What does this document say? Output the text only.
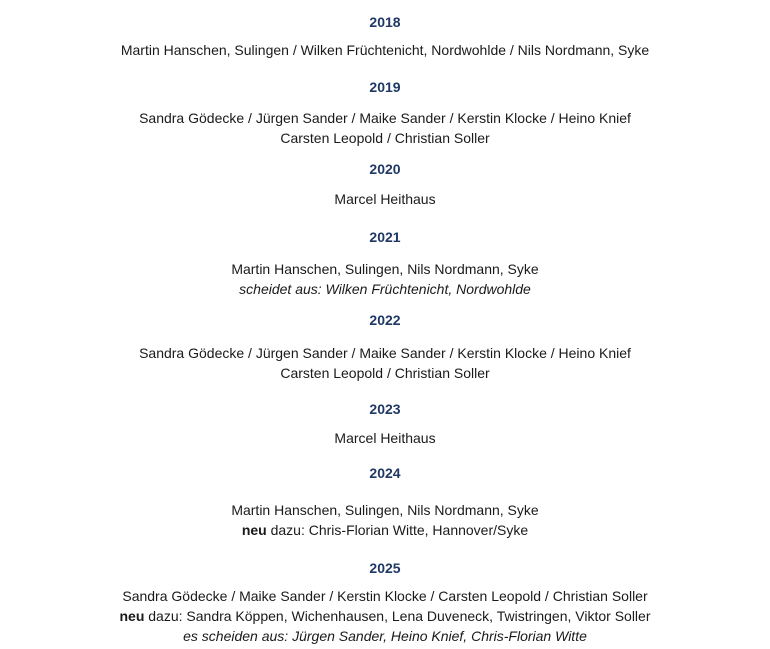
2018
Martin Hanschen, Sulingen / Wilken Früchtenicht, Nordwohlde / Nils Nordmann, Syke
2019
Sandra Gödecke / Jürgen Sander / Maike Sander / Kerstin Klocke / Heino Knief
Carsten Leopold / Christian Soller
2020
Marcel Heithaus
2021
Martin Hanschen, Sulingen, Nils Nordmann, Syke
scheidet aus: Wilken Früchtenicht, Nordwohlde
2022
Sandra Gödecke / Jürgen Sander / Maike Sander / Kerstin Klocke / Heino Knief
Carsten Leopold / Christian Soller
2023
Marcel Heithaus
2024
Martin Hanschen, Sulingen, Nils Nordmann, Syke
neu dazu: Chris-Florian Witte, Hannover/Syke
2025
Sandra Gödecke / Maike Sander / Kerstin Klocke / Carsten Leopold / Christian Soller
neu dazu: Sandra Köppen, Wichenhausen, Lena Duveneck, Twistringen, Viktor Soller
es scheiden aus: Jürgen Sander, Heino Knief, Chris-Florian Witte
